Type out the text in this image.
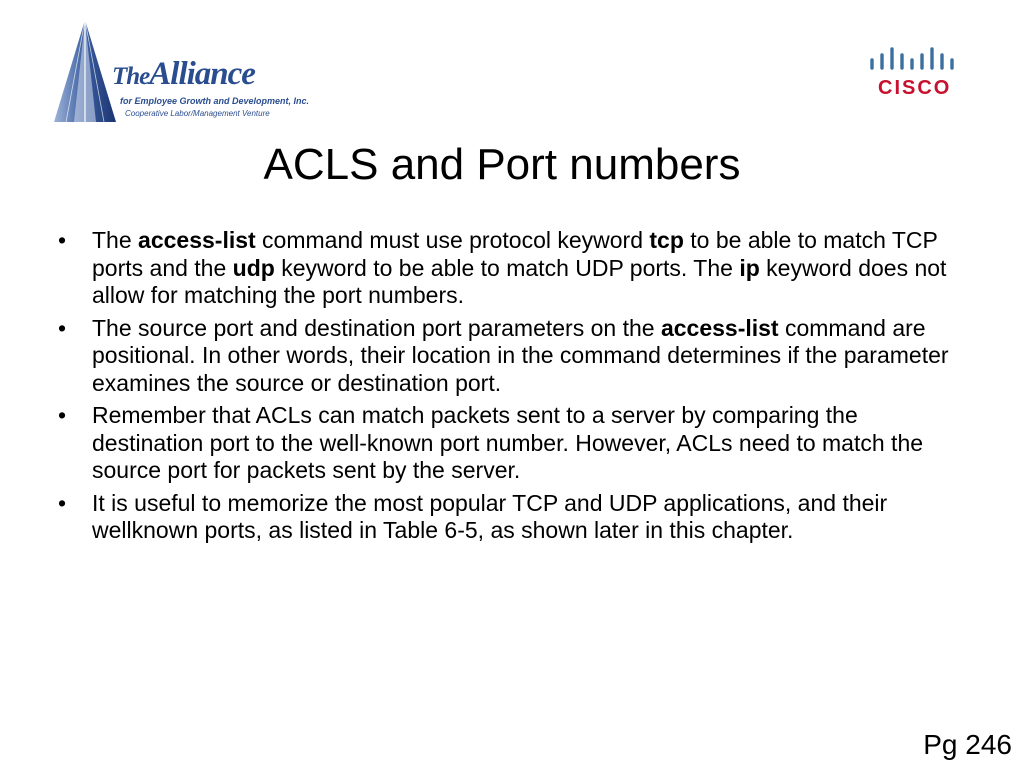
TheAlliance
for Employee Growth and Development, Inc.
Cooperative Labor/Management Venture
CISCO
ACLS and Port numbers
• The access-list command must use protocol keyword tcp to be able to match TCP ports and the udp keyword to be able to match UDP ports. The ip keyword does not allow for matching the port numbers.
• The source port and destination port parameters on the access-list command are positional. In other words, their location in the command determines if the parameter examines the source or destination port.
• Remember that ACLs can match packets sent to a server by comparing the destination port to the well-known port number. However, ACLs need to match the source port for packets sent by the server.
• It is useful to memorize the most popular TCP and UDP applications, and their wellknown ports, as listed in Table 6-5, as shown later in this chapter.
Pg 246
